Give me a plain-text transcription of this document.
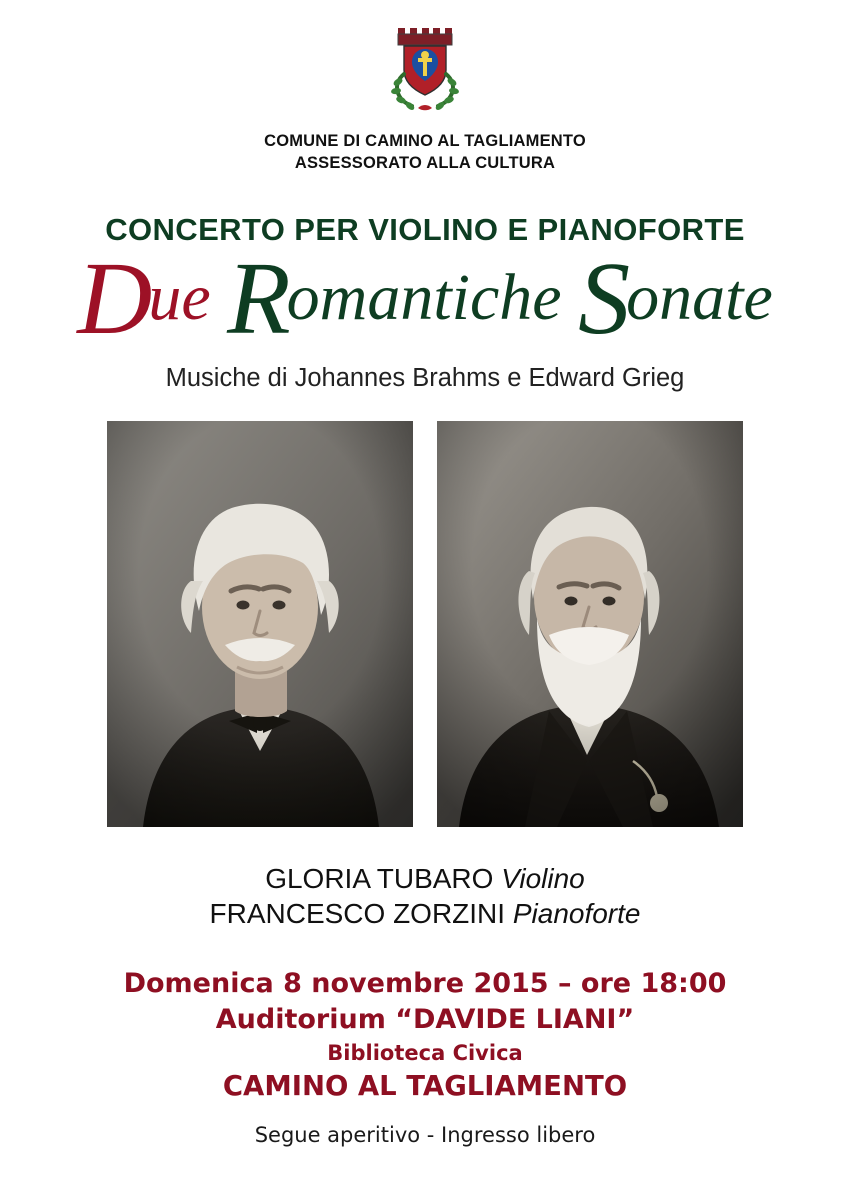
COMUNE DI CAMINO AL TAGLIAMENTO
ASSESSORATO ALLA CULTURA
CONCERTO PER VIOLINO E PIANOFORTE
Due Romantiche Sonate
Musiche di Johannes Brahms e Edward Grieg
GLORIA TUBARO Violino
FRANCESCO ZORZINI Pianoforte
Domenica 8 novembre 2015 – ore 18:00
Auditorium “DAVIDE LIANI”
Biblioteca Civica
CAMINO AL TAGLIAMENTO
Segue aperitivo - Ingresso libero
